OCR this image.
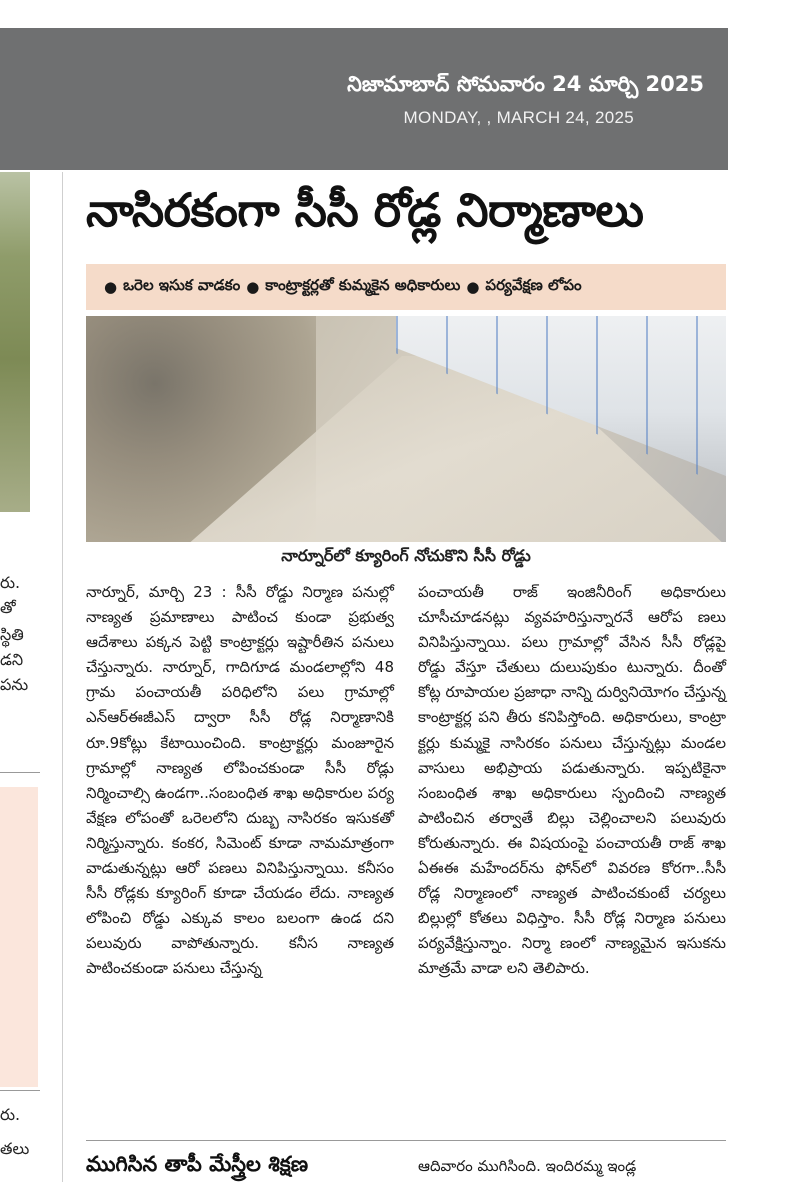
నిజామాబాద్ సోమవారం 24 మార్చి 2025
MONDAY, , MARCH 24, 2025
రు.
తో
స్థితి
డని
పను
రు.
తలు
నాసిరకంగా సీసీ రోడ్ల నిర్మాణాలు
● ఒరెల ఇసుక వాడకం ● కాంట్రాక్టర్లతో కుమ్మకైన అధికారులు ● పర్యవేక్షణ లోపం
నార్నూర్‌లో క్యూరింగ్ నోచుకొని సీసీ రోడ్డు

నార్నూర్, మార్చి 23 : సీసీ రోడ్డు నిర్మాణ పనుల్లో నాణ్యత ప్రమాణాలు పాటించ కుండా ప్రభుత్వ ఆదేశాలు పక్కన పెట్టి కాంట్రాక్టర్లు ఇష్టారీతిన పనులు చేస్తున్నారు. నార్నూర్, గాదిగూడ మండలాల్లోని 48 గ్రామ పంచాయతీ పరిధిలోని పలు గ్రామాల్లో ఎన్‌ఆర్‌ఈజీఎస్ ద్వారా సీసీ రోడ్ల నిర్మాణానికి రూ.9కోట్లు కేటాయించింది. కాంట్రాక్టర్లు మంజూరైన గ్రామాల్లో నాణ్యత లోపించకుండా సీసీ రోడ్లు నిర్మించాల్సి ఉండగా..సంబంధిత శాఖ అధికారుల పర్య వేక్షణ లోపంతో ఒరెలలోని దుబ్బ నాసిరకం ఇసుకతో నిర్మిస్తున్నారు. కంకర, సిమెంట్ కూడా నామమాత్రంగా వాడుతున్నట్లు ఆరో పణలు వినిపిస్తున్నాయి. కనీసం సీసీ రోడ్లకు క్యూరింగ్ కూడా చేయడం లేదు. నాణ్యత లోపించి రోడ్డు ఎక్కువ కాలం బలంగా ఉండ దని పలువురు వాపోతున్నారు. కనీస నాణ్యత పాటించకుండా పనులు చేస్తున్న

పంచాయతీ రాజ్ ఇంజినీరింగ్ అధికారులు చూసీచూడనట్లు వ్యవహరిస్తున్నారనే ఆరోప ణలు వినిపిస్తున్నాయి. పలు గ్రామాల్లో వేసిన సీసీ రోడ్లపై రోడ్డు వేస్తూ చేతులు దులుపుకుం టున్నారు. దీంతో కోట్ల రూపాయల ప్రజాధా నాన్ని దుర్వినియోగం చేస్తున్న కాంట్రాక్టర్ల పని తీరు కనిపిస్తోంది. అధికారులు, కాంట్రా క్టర్లు కుమ్మకై నాసిరకం పనులు చేస్తున్నట్లు మండల వాసులు అభిప్రాయ పడుతున్నారు. ఇప్పటికైనా సంబంధిత శాఖ అధికారులు స్పందించి నాణ్యత పాటించిన తర్వాతే బిల్లు చెల్లించాలని పలువురు కోరుతున్నారు. ఈ విషయంపై పంచాయతీ రాజ్ శాఖ ఏఈఈ మహేందర్‌ను ఫోన్‌లో వివరణ కోరగా..సీసీ రోడ్ల నిర్మాణంలో నాణ్యత పాటించకుంటే చర్యలు బిల్లుల్లో కోతలు విధిస్తాం. సీసీ రోడ్ల నిర్మాణ పనులు పర్యవేక్షిస్తున్నాం. నిర్మా ణంలో నాణ్యమైన ఇసుకను మాత్రమే వాడా లని తెలిపారు.

ముగిసిన తాపీ మేస్త్రీల శిక్షణ	ఆదివారం ముగిసింది. ఇందిరమ్మ ఇండ్ల
